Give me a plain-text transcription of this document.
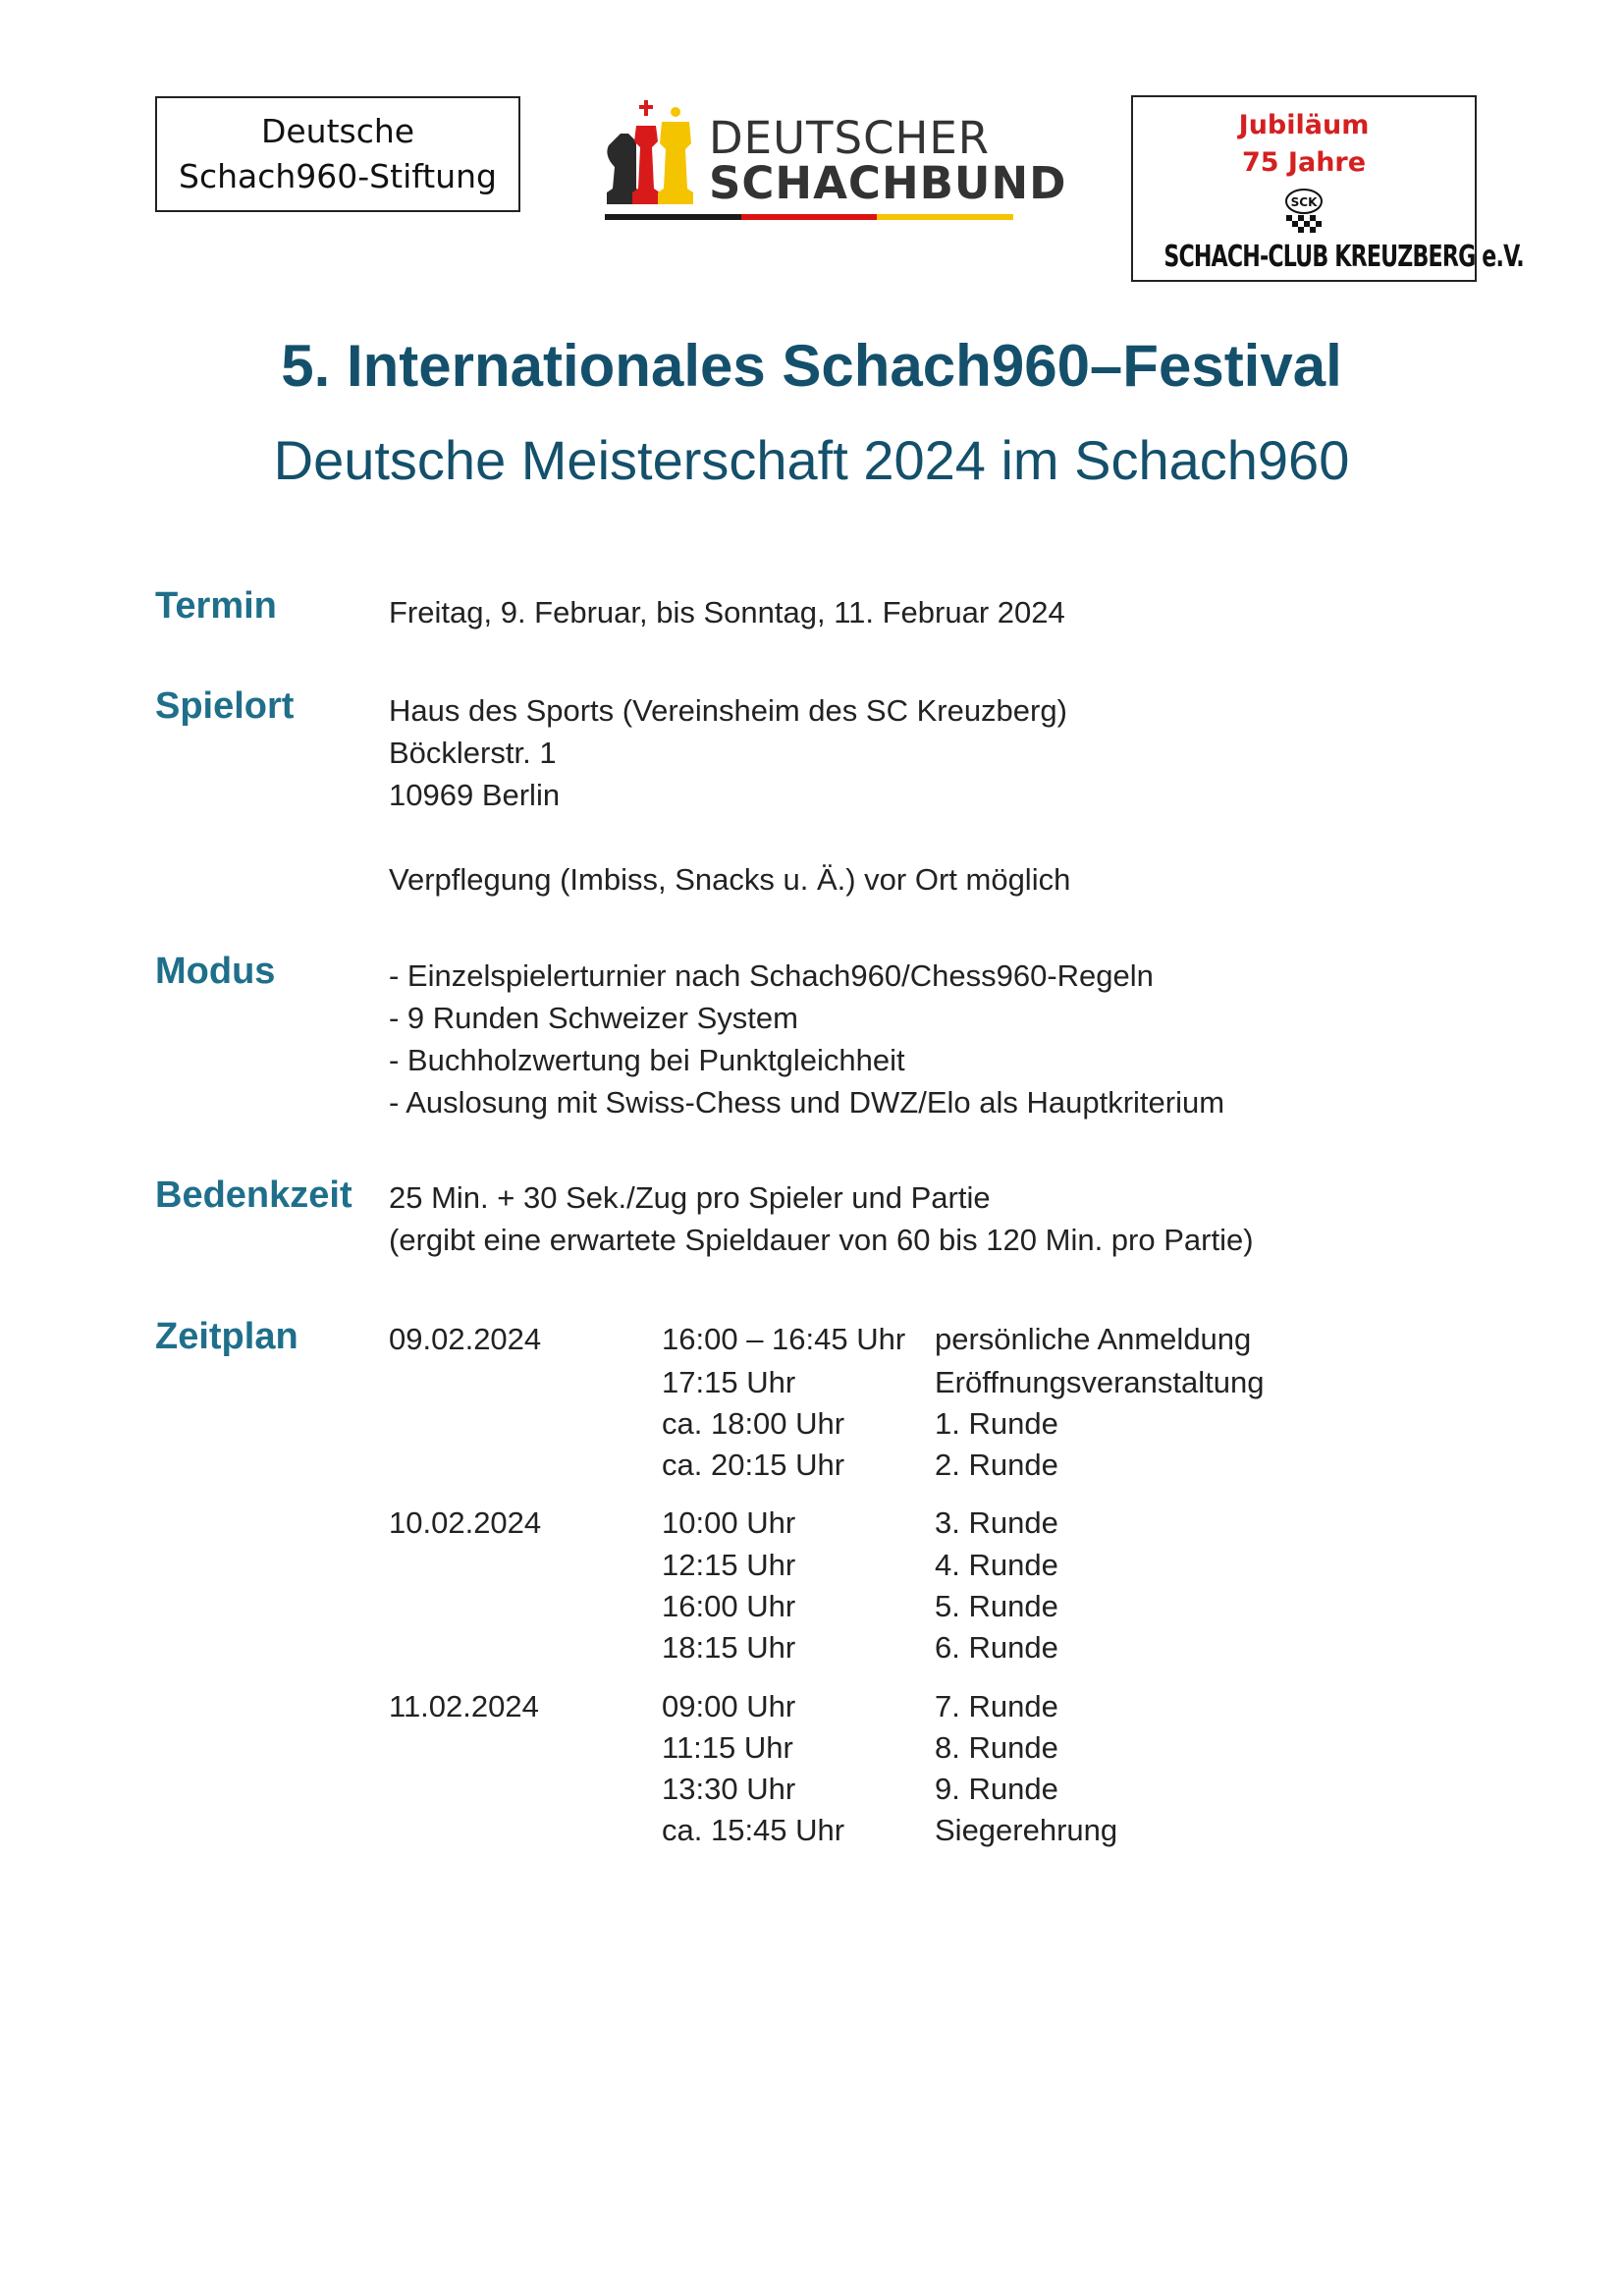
Deutsche
Schach960-Stiftung
DEUTSCHER
SCHACHBUND
Jubiläum
75 Jahre
SCK
SCHACH-CLUB KREUZBERG e.V.
5. Internationales Schach960–Festival
Deutsche Meisterschaft 2024 im Schach960
Termin	Freitag, 9. Februar, bis Sonntag, 11. Februar 2024
Spielort	Haus des Sports (Vereinsheim des SC Kreuzberg)
Böcklerstr. 1
10969 Berlin
Verpflegung (Imbiss, Snacks u. Ä.) vor Ort möglich
Modus	- Einzelspielerturnier nach Schach960/Chess960-Regeln
- 9 Runden Schweizer System
- Buchholzwertung bei Punktgleichheit
- Auslosung mit Swiss-Chess und DWZ/Elo als Hauptkriterium
Bedenkzeit 25 Min. + 30 Sek./Zug pro Spieler und Partie
(ergibt eine erwartete Spieldauer von 60 bis 120 Min. pro Partie)
Zeitplan	09.02.2024	16:00 – 16:45 Uhr persönliche Anmeldung
17:15 Uhr	Eröffnungsveranstaltung
ca. 18:00 Uhr	1. Runde
ca. 20:15 Uhr	2. Runde
10.02.2024	10:00 Uhr	3. Runde
12:15 Uhr	4. Runde
16:00 Uhr	5. Runde
18:15 Uhr	6. Runde
11.02.2024	09:00 Uhr	7. Runde
11:15 Uhr	8. Runde
13:30 Uhr	9. Runde
ca. 15:45 Uhr	Siegerehrung
